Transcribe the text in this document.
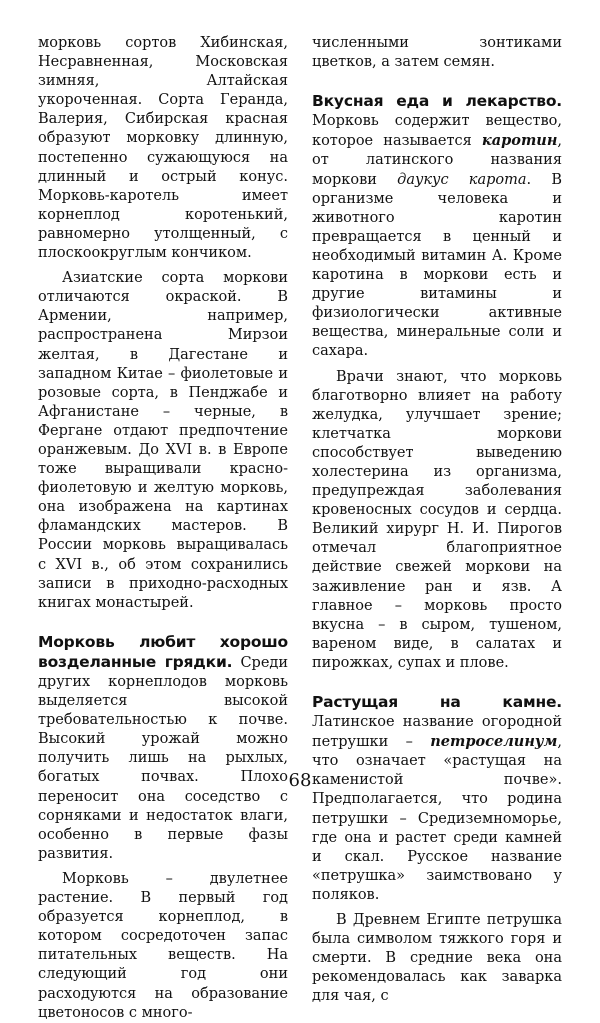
морковь сортов Хибинская, Несравненная, Московская зимняя, Алтайская укороченная. Сорта Геранда, Валерия, Сибирская красная образуют морковку длинную, постепенно сужающуюся на длинный и острый конус. Морковь-каротель имеет корнеплод коротенький, равномерно утолщенный, с плоскоокруглым кончиком.

Азиатские сорта моркови отличаются окраской. В Армении, например, распространена Мирзои желтая, в Дагестане и западном Китае – фиолетовые и розовые сорта, в Пенджабе и Афганистане – черные, в Фергане отдают предпочтение оранжевым. До XVI в. в Европе тоже выращивали красно-фиолетовую и желтую морковь, она изображена на картинах фламандских мастеров. В России морковь выращивалась с XVI в., об этом сохранились записи в приходно-расходных книгах монастырей.

Морковь любит хорошо возделанные грядки. Среди других корнеплодов морковь выделяется высокой требовательностью к почве. Высокий урожай можно получить лишь на рыхлых, богатых почвах. Плохо переносит она соседство с сорняками и недостаток влаги, особенно в первые фазы развития.

Морковь – двулетнее растение. В первый год образуется корнеплод, в котором сосредоточен запас питательных веществ. На следующий год они расходуются на образование цветоносов с много-

численными зонтиками цветков, а затем семян.

Вкусная еда и лекарство. Морковь содержит вещество, которое называется каротин, от латинского названия моркови дaукус карота. В организме человека и животного каротин превращается в ценный и необходимый витамин А. Кроме каротина в моркови есть и другие витамины и физиологически активные вещества, минеральные соли и сахара.

Врачи знают, что морковь благотворно влияет на работу желудка, улучшает зрение; клетчатка моркови способствует выведению холестерина из организма, предупреждая заболевания кровеносных сосудов и сердца. Великий хирург Н. И. Пирогов отмечал благоприятное действие свежей моркови на заживление ран и язв. А главное – морковь просто вкусна – в сыром, тушеном, вареном виде, в салатах и пирожках, супах и плове.

Растущая на камне. Латинское название огородной петрушки – петроселинум, что означает «растущая на каменистой почве». Предполагается, что родина петрушки – Средиземноморье, где она и растет среди камней и скал. Русское название «петрушка» заимствовано у поляков.

В Древнем Египте петрушка была символом тяжкого горя и смерти. В средние века она рекомендовалась как заварка для чая, с

68
